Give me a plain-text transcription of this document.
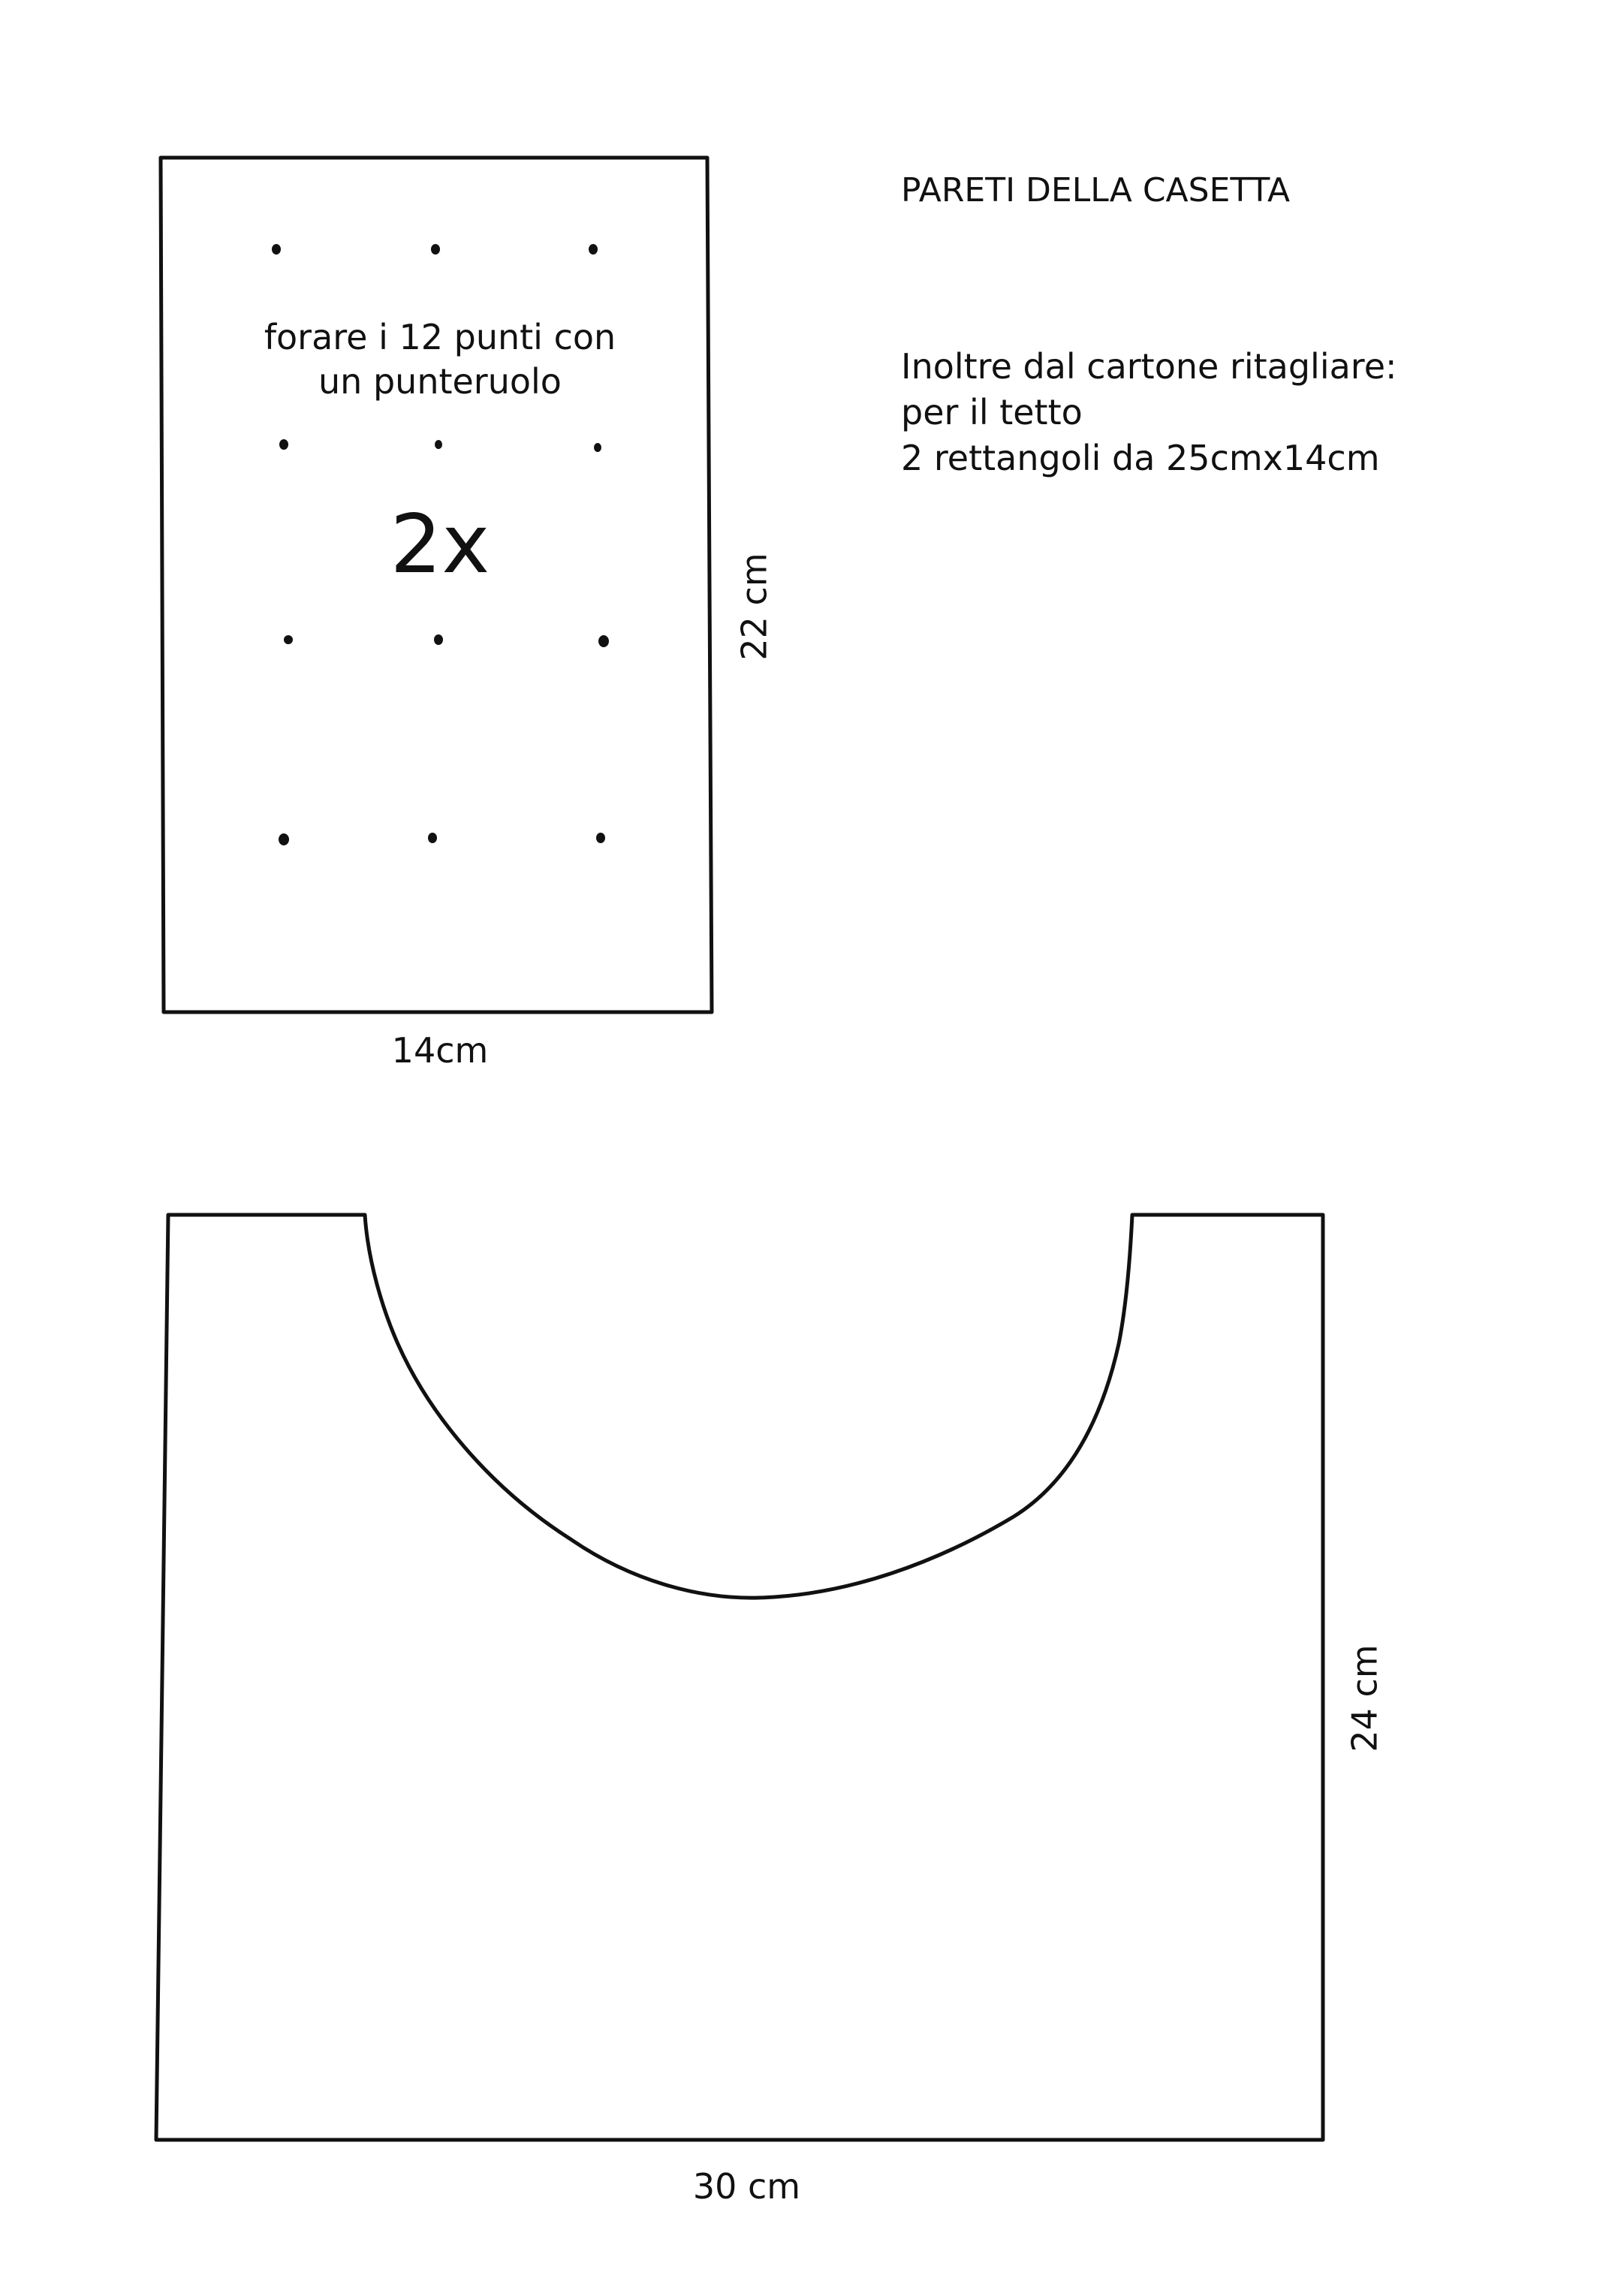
PARETI DELLA CASETTA
Inoltre dal cartone ritagliare:
per il tetto
2 rettangoli da 25cmx14cm
forare i 12 punti con
un punteruolo
2x
14cm
22 cm
30 cm
24 cm
